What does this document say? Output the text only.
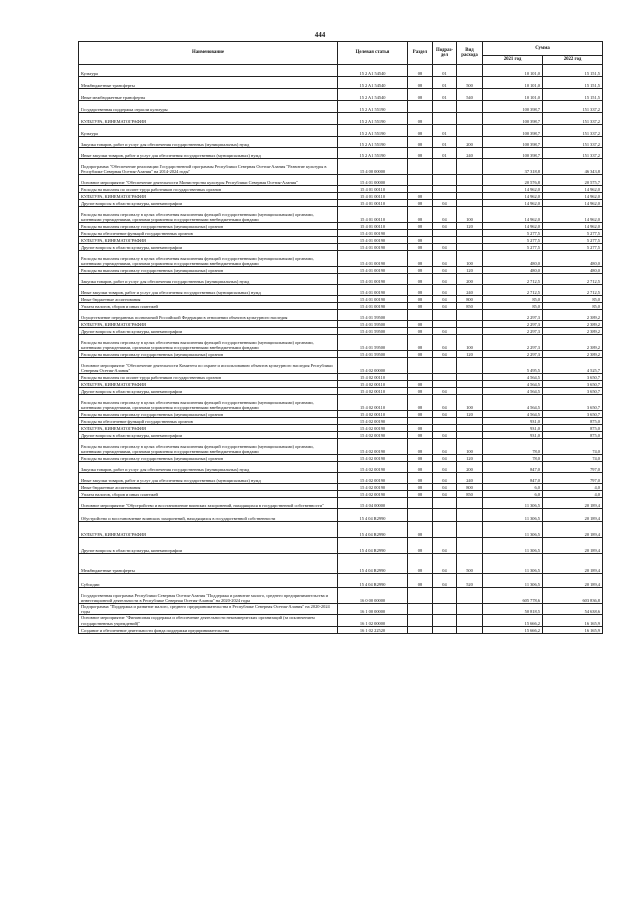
444
Наименование	Целевая статья	Раздел	Подраз-дел	Вид расхода	Сумма	
					2021 год	2022 год
Культура	15 2 A1 54540	08	01		10 101,0	15 151,5
Межбюджетные трансферты	15 2 A1 54540	08	01	500	10 101,0	15 151,5
Иные межбюджетные трансферты	15 2 A1 54540	08	01	540	10 101,0	15 151,5
Государственная поддержка отрасли культуры	15 2 A1 55190				100 398,7	151 337,2
КУЛЬТУРА, КИНЕМАТОГРАФИЯ	15 2 A1 55190	08			100 398,7	151 337,2
Культура	15 2 A1 55190	08	01		100 398,7	151 337,2
Закупка товаров, работ и услуг для обеспечения государственных (муниципальных) нужд	15 2 A1 55190	08	01	200	100 398,7	151 337,2
Иные закупки товаров, работ и услуг для обеспечения государственных (муниципальных) нужд	15 2 A1 55190	08	01	240	100 398,7	151 337,2
Подпрограмма "Обеспечение реализации Государственной программы Республики Северная Осетия-Алания "Развитие культуры в Республике Северная Осетия-Алания" на 2014-2024 годы"	15 4 00 00000				37 318,8	46 343,8
Основное мероприятие "Обеспечение деятельности Министерства культуры Республики Северная Осетия-Алания"	15 4 01 00000				20 576,8	20 575,7
Расходы на выплаты по оплате труда работников государственных органов	15 4 01 00110				14 962,0	14 962,0
КУЛЬТУРА, КИНЕМАТОГРАФИЯ	15 4 01 00110	08			14 962,0	14 962,0
Другие вопросы в области культуры, кинематографии	15 4 01 00110	08	04		14 962,0	14 962,0
Расходы на выплаты персоналу в целях обеспечения выполнения функций государственными (муниципальными) органами, казенными учреждениями, органами управления государственными внебюджетными фондами	15 4 01 00110	08	04	100	14 962,0	14 962,0
Расходы на выплаты персоналу государственных (муниципальных) органов	15 4 01 00110	08	04	120	14 962,0	14 962,0
Расходы на обеспечение функций государственных органов	15 4 01 00190				5 277,5	5 277,5
КУЛЬТУРА, КИНЕМАТОГРАФИЯ	15 4 01 00190	08			5 277,5	5 277,5
Другие вопросы в области культуры, кинематографии	15 4 01 00190	08	04		5 277,5	5 277,5
Расходы на выплаты персоналу в целях обеспечения выполнения функций государственными (муниципальными) органами, казенными учреждениями, органами управления государственными внебюджетными фондами	15 4 01 00190	08	04	100	480,0	480,0
Расходы на выплаты персоналу государственных (муниципальных) органов	15 4 01 00190	08	04	120	480,0	480,0
Закупка товаров, работ и услуг для обеспечения государственных (муниципальных) нужд	15 4 01 00190	08	04	200	2 712,5	2 712,5
Иные закупки товаров, работ и услуг для обеспечения государственных (муниципальных) нужд	15 4 01 00190	08	04	240	2 712,5	2 712,5
Иные бюджетные ассигнования	15 4 01 00190	08	04	800	85,0	85,0
Уплата налогов, сборов и иных платежей	15 4 01 00190	08	04	850	85,0	85,0
Осуществление переданных полномочий Российской Федерации в отношении объектов культурного наследия	15 4 01 59500				2 297,3	2 389,2
КУЛЬТУРА, КИНЕМАТОГРАФИЯ	15 4 01 59500	08			2 297,3	2 389,2
Другие вопросы в области культуры, кинематографии	15 4 01 59500	08	04		2 297,3	2 389,2
Расходы на выплаты персоналу в целях обеспечения выполнения функций государственными (муниципальными) органами, казенными учреждениями, органами управления государственными внебюджетными фондами	15 4 01 59500	08	04	100	2 297,3	2 389,2
Расходы на выплаты персоналу государственных (муниципальных) органов	15 4 01 59500	08	04	120	2 297,3	2 389,2
Основное мероприятие "Обеспечение деятельности Комитета по охране и использованию объектов культурного наследия Республики Северная Осетия-Алания"	15 4 02 00000				5 495,5	4 525,7
Расходы на выплаты по оплате труда работников государственных органов	15 4 02 00110				4 564,5	3 650,7
КУЛЬТУРА, КИНЕМАТОГРАФИЯ	15 4 02 00110	08			4 564,5	3 650,7
Другие вопросы в области культуры, кинематографии	15 4 02 00110	08	04		4 564,5	3 650,7
Расходы на выплаты персоналу в целях обеспечения выполнения функций государственными (муниципальными) органами, казенными учреждениями, органами управления государственными внебюджетными фондами	15 4 02 00110	08	04	100	4 564,5	3 650,7
Расходы на выплаты персоналу государственных (муниципальных) органов	15 4 02 00110	08	04	120	4 564,5	3 650,7
Расходы на обеспечение функций государственных органов	15 4 02 00190				931,0	875,0
КУЛЬТУРА, КИНЕМАТОГРАФИЯ	15 4 02 00190	08			931,0	875,0
Другие вопросы в области культуры, кинематографии	15 4 02 00190	08	04		931,0	875,0
Расходы на выплаты персоналу в целях обеспечения выполнения функций государственными (муниципальными) органами, казенными учреждениями, органами управления государственными внебюджетными фондами	15 4 02 00190	08	04	100	78,0	74,0
Расходы на выплаты персоналу государственных (муниципальных) органов	15 4 02 00190	08	04	120	78,0	74,0
Закупка товаров, работ и услуг для обеспечения государственных (муниципальных) нужд	15 4 02 00190	08	04	200	847,0	797,0
Иные закупки товаров, работ и услуг для обеспечения государственных (муниципальных) нужд	15 4 02 00190	08	04	240	847,0	797,0
Иные бюджетные ассигнования	15 4 02 00190	08	04	800	6,0	4,0
Уплата налогов, сборов и иных платежей	15 4 02 00190	08	04	850	6,0	4,0
Основное мероприятие "Обустройство и восстановление воинских захоронений, находящихся в государственной собственности"	15 4 04 00000				11 306,5	20 189,4
Обустройство и восстановление воинских захоронений, находящихся в государственной собственности	15 4 04 R2990				11 306,5	20 189,4
КУЛЬТУРА, КИНЕМАТОГРАФИЯ	15 4 04 R2990	08			11 306,5	20 189,4
Другие вопросы в области культуры, кинематографии	15 4 04 R2990	08	04		11 306,5	20 189,4
Межбюджетные трансферты	15 4 04 R2990	08	04	500	11 306,5	20 189,4
Субсидии	15 4 04 R2990	08	04	520	11 306,5	20 189,4
Государственная программа Республики Северная Осетия-Алания "Поддержка и развитие малого, среднего предпринимательства и инвестиционной деятельности в Республике Северная Осетия-Алания" на 2020-2024 годы	16 0 00 00000				605 778,6	603 836,8
Подпрограмма "Поддержка и развитие малого, среднего предпринимательства в Республике Северная Осетия-Алания" на 2020-2024 годы	16 1 00 00000				50 818,5	54 638,6
Основное мероприятие "Финансовая поддержка и обеспечение деятельности некоммерческих организаций (за исключением государственных учреждений)"	16 1 02 00000				15 666,2	16 165,9
Создание и обеспечение деятельности фонда поддержки предпринимательства	16 1 02 22520				15 666,2	16 165,9
